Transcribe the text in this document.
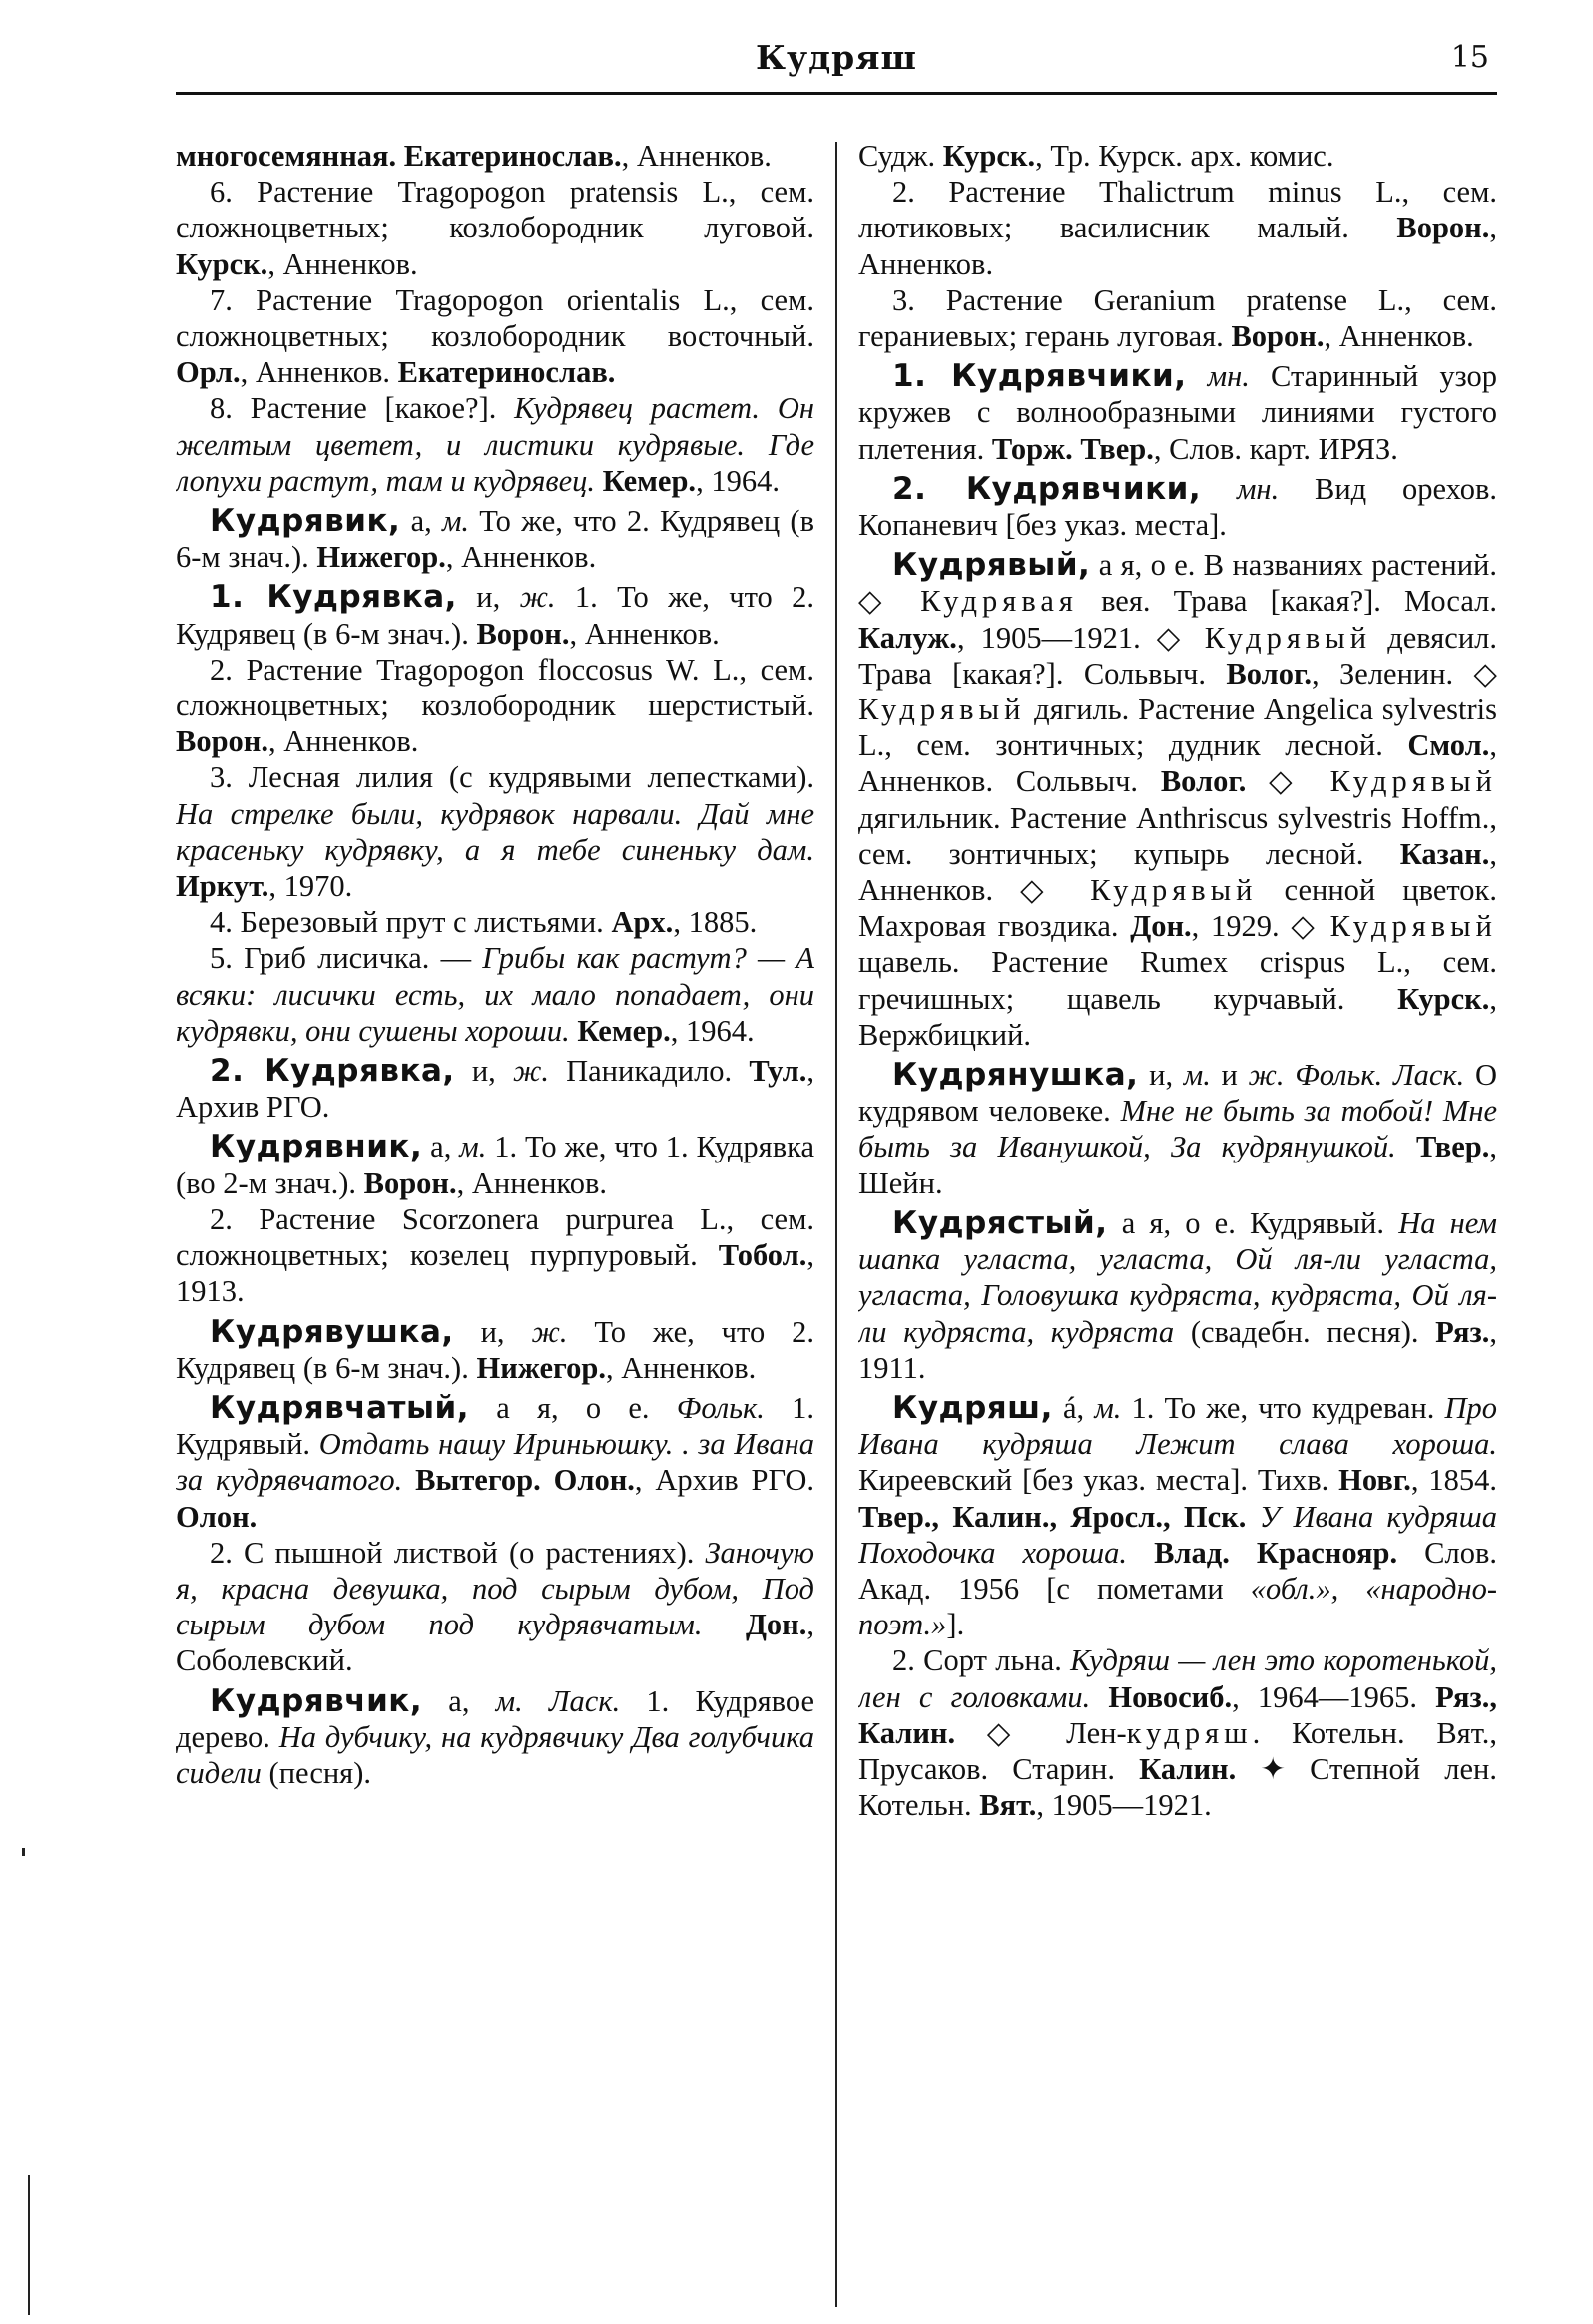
Кудряш	15

многосемянная. Екатеринослав., Анненков.

6. Растение Tragopogon pratensis L., сем. сложноцветных; козлобородник луговой. Курск., Анненков.

7. Растение Tragopogon orientalis L., сем. сложноцветных; козлобородник восточный. Орл., Анненков. Екатеринослав.

8. Растение [какое?]. Кудрявец растет. Он желтым цветет, и листики кудрявые. Где лопухи растут, там и кудрявец. Кемер., 1964.

Кудрявик, а, м. То же, что 2. Кудрявец (в 6-м знач.). Нижегор., Анненков.

1. Кудрявка, и, ж. 1. То же, что 2. Кудрявец (в 6-м знач.). Ворон., Анненков.

2. Растение Tragopogon floccosus W. L., сем. сложноцветных; козлобородник шерстистый. Ворон., Анненков.

3. Лесная лилия (с кудрявыми лепестками). На стрелке были, кудрявок нарвали. Дай мне красеньку кудрявку, а я тебе синеньку дам. Иркут., 1970.

4. Березовый прут с листьями. Арх., 1885.

5. Гриб лисичка. — Грибы как растут? — А всяки: лисички есть, их мало попадает, они кудрявки, они сушены хороши. Кемер., 1964.

2. Кудрявка, и, ж. Паникадило. Тул., Архив РГО.

Кудрявник, а, м. 1. То же, что 1. Кудрявка (во 2-м знач.). Ворон., Анненков.

2. Растение Scorzonera purpurea L., сем. сложноцветных; козелец пурпуровый. Тобол., 1913.

Кудрявушка, и, ж. То же, что 2. Кудрявец (в 6-м знач.). Нижегор., Анненков.

Кудрявчатый, а я, о е. Фольк. 1. Кудрявый. Отдать нашу Ириньюшку. . за Ивана за кудрявчатого. Вытегор. Олон., Архив РГО. Олон.

2. С пышной листвой (о растениях). Заночую я, красна девушка, под сырым дубом, Под сырым дубом под кудрявчатым. Дон., Соболевский.

Кудрявчик, а, м. Ласк. 1. Кудрявое дерево. На дубчику, на кудрявчику Два голубчика сидели (песня).

Судж. Курск., Тр. Курск. арх. комис.

2. Растение Thalictrum minus L., сем. лютиковых; василисник малый. Ворон., Анненков.

3. Растение Geranium pratense L., сем. гераниевых; герань луговая. Ворон., Анненков.

1. Кудрявчики, мн. Старинный узор кружев с волнообразными линиями густого плетения. Торж. Твер., Слов. карт. ИРЯЗ.

2. Кудрявчики, мн. Вид орехов. Копаневич [без указ. места].

Кудрявый, а я, о е. В названиях растений. ◇ Кудрявая вея. Трава [какая?]. Мосал. Калуж., 1905—1921. ◇ Кудрявый девясил. Трава [какая?]. Сольвыч. Волог., Зеленин. ◇ Кудрявый дягиль. Растение Angelica sylvestris L., сем. зонтичных; дудник лесной. Смол., Анненков. Сольвыч. Волог. ◇ Кудрявый дягильник. Растение Anthriscus sylvestris Hoffm., сем. зонтичных; купырь лесной. Казан., Анненков. ◇ Кудрявый сенной цветок. Махровая гвоздика. Дон., 1929. ◇ Кудрявый щавель. Растение Rumex crispus L., сем. гречишных; щавель курчавый. Курск., Вержбицкий.

Кудрянушка, и, м. и ж. Фольк. Ласк. О кудрявом человеке. Мне не быть за тобой! Мне быть за Иванушкой, За кудрянушкой. Твер., Шейн.

Кудрястый, а я, о е. Кудрявый. На нем шапка угласта, угласта, Ой ля-ли угласта, угласта, Головушка кудряста, кудряста, Ой ля-ли кудряста, кудряста (свадебн. песня). Ряз., 1911.

Кудряш, á, м. 1. То же, что кудреван. Про Ивана кудряша Лежит слава хороша. Киреевский [без указ. места]. Тихв. Новг., 1854. Твер., Калин., Яросл., Пск. У Ивана кудряша Походочка хороша. Влад. Краснояр. Слов. Акад. 1956 [с пометами «обл.», «народно-поэт.»].

2. Сорт льна. Кудряш — лен это коротенькой, лен с головками. Новосиб., 1964—1965. Ряз., Калин. ◇ Лен-кудряш. Котельн. Вят., Прусаков. Старин. Калин. ✦ Степной лен. Котельн. Вят., 1905—1921.
